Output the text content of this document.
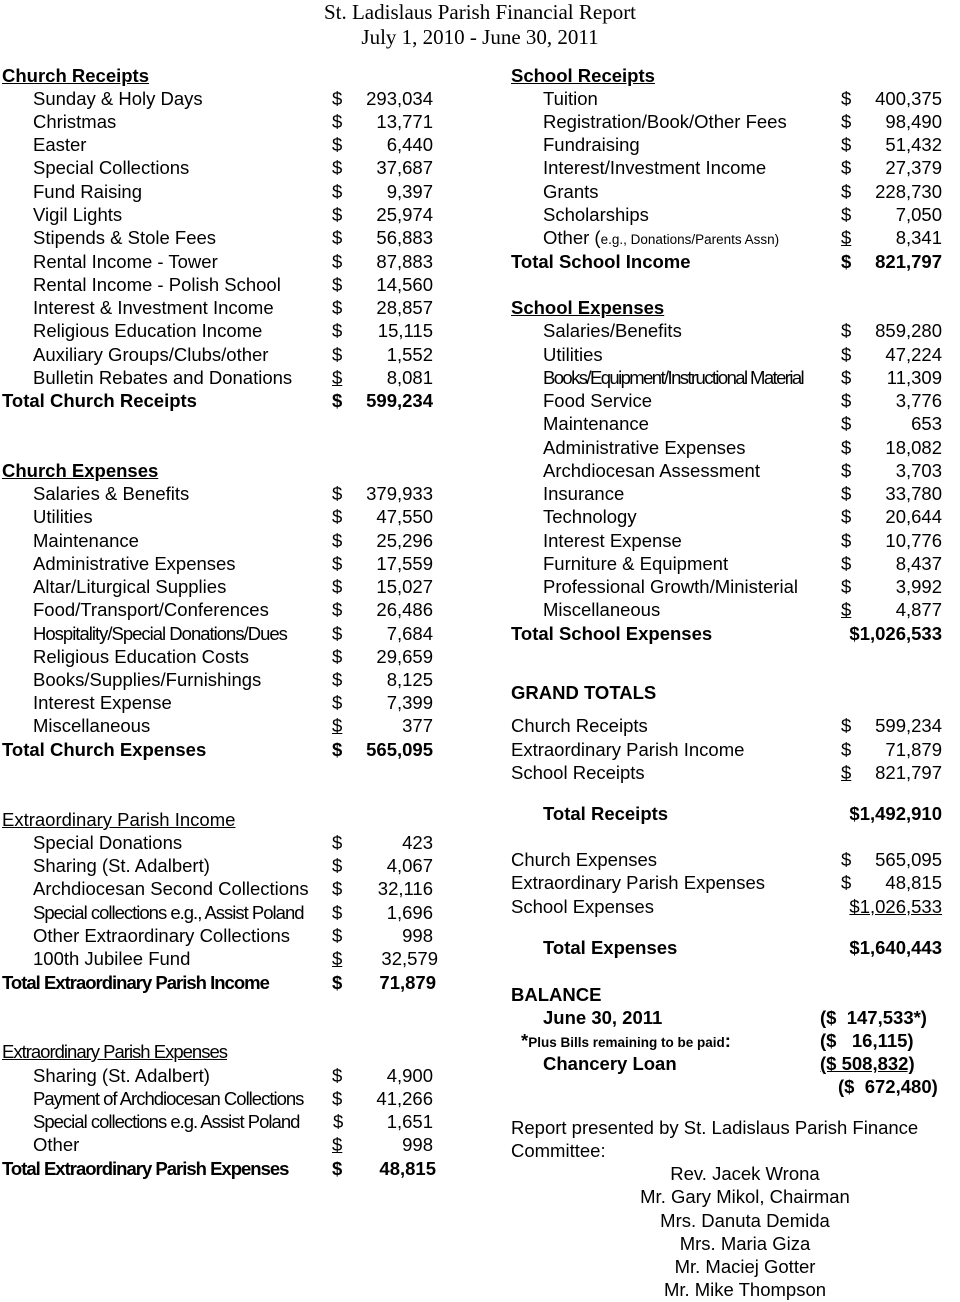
St. Ladislaus Parish Financial Report
July 1, 2010 - June 30, 2011
Church Receipts
Sunday & Holy Days	$	293,034
Christmas	$	13,771
Easter	$	6,440
Special Collections	$	37,687
Fund Raising	$	9,397
Vigil Lights	$	25,974
Stipends & Stole Fees	$	56,883
Rental Income - Tower	$	87,883
Rental Income - Polish School	$	14,560
Interest & Investment Income	$	28,857
Religious Education Income	$	15,115
Auxiliary Groups/Clubs/other	$	1,552
Bulletin Rebates and Donations $	8,081
Total Church Receipts	$	599,234
Church Expenses
Salaries & Benefits	$	379,933
Utilities	$	47,550
Maintenance	$	25,296
Administrative Expenses	$	17,559
Altar/Liturgical Supplies	$	15,027
Food/Transport/Conferences	$	26,486
Hospitality/Special Donations/Dues $	7,684
Religious Education Costs	$	29,659
Books/Supplies/Furnishings	$	8,125
Interest Expense	$	7,399
Miscellaneous	$	377
Total Church Expenses	$	565,095
Extraordinary Parish Income
Special Donations	$	423
Sharing (St. Adalbert)	$	4,067
Archdiocesan Second Collections $	32,116
Special collections e.g., Assist Poland $	1,696
Other Extraordinary Collections $	998
100th Jubilee Fund	$	32,579
Total Extraordinary Parish Income	$	71,879
Extraordinary Parish Expenses
Sharing (St. Adalbert)	$	4,900
Payment of Archdiocesan Collections $	41,266
Special collections e.g. Assist Poland $	1,651
Other	$	998
Total Extraordinary Parish Expenses $	48,815
School Receipts
Tuition	$	400,375
Registration/Book/Other Fees	$	98,490
Fundraising	$	51,432
Interest/Investment Income	$	27,379
Grants	$	228,730
Scholarships	$	7,050
Other (e.g., Donations/Parents Assn)	$	8,341
Total School Income	$	821,797
School Expenses
Salaries/Benefits	$	859,280
Utilities	$	47,224
Books/Equipment/Instructional Material $	11,309
Food Service	$	3,776
Maintenance	$	653
Administrative Expenses	$	18,082
Archdiocesan Assessment	$	3,703
Insurance	$	33,780
Technology	$	20,644
Interest Expense	$	10,776
Furniture & Equipment	$	8,437
Professional Growth/Ministerial $	3,992
Miscellaneous	$	4,877
Total School Expenses	$1,026,533
GRAND TOTALS
Church Receipts	$	599,234
Extraordinary Parish Income	$	71,879
School Receipts	$	821,797
Total Receipts	$1,492,910
Church Expenses	$	565,095
Extraordinary Parish Expenses	$	48,815
School Expenses	$1,026,533
Total Expenses	$1,640,443
BALANCE
June 30, 2011	($  147,533*)
*Plus Bills remaining to be paid:	($   16,115)
Chancery Loan	($ 508,832)
($  672,480)
Report presented by St. Ladislaus Parish Finance
Committee:
Rev. Jacek Wrona
Mr. Gary Mikol, Chairman
Mrs. Danuta Demida
Mrs. Maria Giza
Mr. Maciej Gotter
Mr. Mike Thompson
